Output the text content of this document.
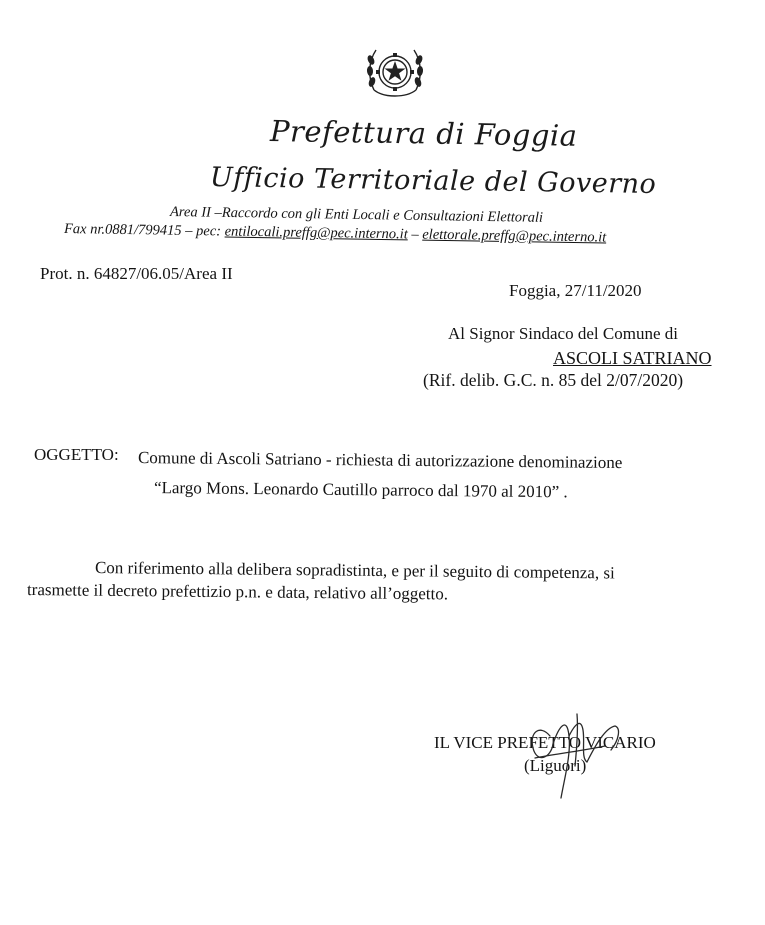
Prefettura di Foggia
Ufficio Territoriale del Governo
Area II –Raccordo con gli Enti Locali e Consultazioni Elettorali
Fax nr.0881/799415 – pec: entilocali.preffg@pec.interno.it – elettorale.preffg@pec.interno.it
Prot. n. 64827/06.05/Area II
Foggia, 27/11/2020
Al Signor Sindaco del Comune di
ASCOLI SATRIANO
(Rif. delib. G.C. n. 85 del 2/07/2020)
OGGETTO: Comune di Ascoli Satriano - richiesta di autorizzazione denominazione
“Largo Mons. Leonardo Cautillo parroco dal 1970 al 2010” .
Con riferimento alla delibera sopradistinta, e per il seguito di competenza, si
trasmette il decreto prefettizio p.n. e data, relativo all’oggetto.
IL VICE PREFETTO VICARIO
(Liguori)
